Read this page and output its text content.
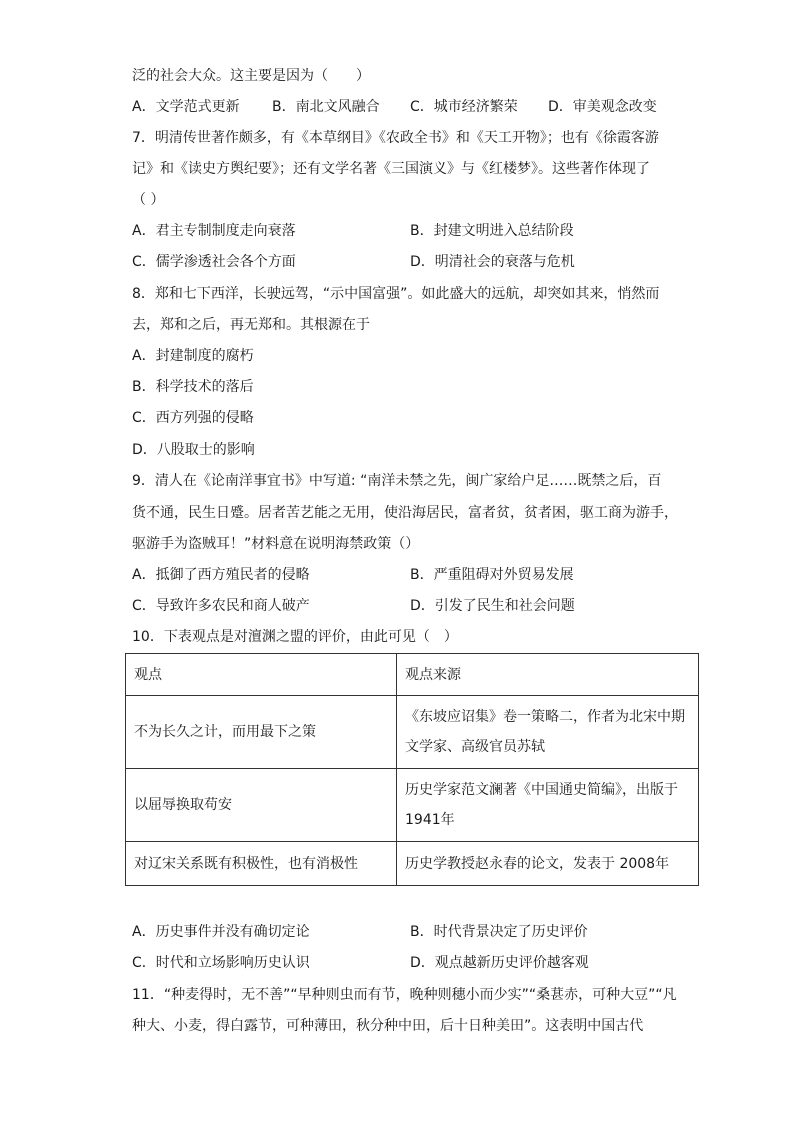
泛的社会大众。这主要是因为（　　）
A．文学范式更新 B．南北文风融合 C．城市经济繁荣 D．审美观念改变
7．明清传世著作颇多，有《本草纲目》《农政全书》和《天工开物》；也有《徐霞客游
记》和《读史方舆纪要》；还有文学名著《三国演义》与《红楼梦》。这些著作体现了
（ ）
A．君主专制制度走向衰落	B．封建文明进入总结阶段
C．儒学渗透社会各个方面	D．明清社会的衰落与危机
8．郑和七下西洋，长驶远驾，“示中国富强”。如此盛大的远航，却突如其来，悄然而
去，郑和之后，再无郑和。其根源在于
A．封建制度的腐朽
B．科学技术的落后
C．西方列强的侵略
D．八股取士的影响
9．清人在《论南洋事宜书》中写道: “南洋未禁之先，闽广家给户足……既禁之后，百
货不通，民生日蹙。居者苦艺能之无用，使沿海居民，富者贫，贫者困，驱工商为游手，
驱游手为盗贼耳！”材料意在说明海禁政策（）
A．抵御了西方殖民者的侵略	B．严重阻碍对外贸易发展
C．导致许多农民和商人破产	D．引发了民生和社会问题
10．下表观点是对澶渊之盟的评价，由此可见（　）
观点	观点来源
不为长久之计，而用最下之策	《东坡应诏集》卷一策略二，作者为北宋中期文学家、高级官员苏轼
以屈辱换取苟安	历史学家范文澜著《中国通史简编》，出版于1941年
对辽宋关系既有积极性，也有消极性	历史学教授赵永春的论文，发表于 2008年
A．历史事件并没有确切定论	B．时代背景决定了历史评价
C．时代和立场影响历史认识	D．观点越新历史评价越客观
11．“种麦得时，无不善”“早种则虫而有节，晚种则穗小而少实”“桑葚赤，可种大豆”“凡
种大、小麦，得白露节，可种薄田，秋分种中田，后十日种美田”。这表明中国古代
